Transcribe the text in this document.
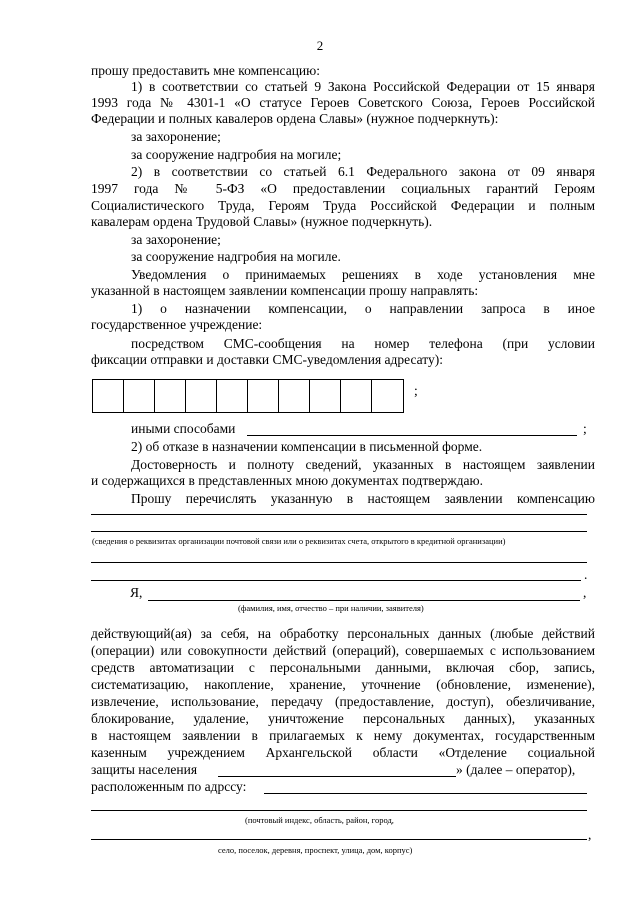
2
прошу предоставить мне компенсацию:
1) в соответствии со статьей 9 Закона Российской Федерации от 15 января
1993 года № 4301-1 «О статусе Героев Советского Союза, Героев Российской
Федерации и полных кавалеров ордена Славы» (нужное подчеркнуть):
за захоронение;
за сооружение надгробия на могиле;
2) в соответствии со статьей 6.1 Федерального закона от 09 января
1997 года № 5-ФЗ «О предоставлении социальных гарантий Героям
Социалистического Труда, Героям Труда Российской Федерации и полным
кавалерам ордена Трудовой Славы» (нужное подчеркнуть).
за захоронение;
за сооружение надгробия на могиле.
Уведомления о принимаемых решениях в ходе установления мне
указанной в настоящем заявлении компенсации прошу направлять:
1) о назначении компенсации, о направлении запроса в иное
государственное учреждение:
посредством СМС-сообщения на номер телефона (при условии
фиксации отправки и доставки СМС-уведомления адресату):
;
иными способами	;
2) об отказе в назначении компенсации в письменной форме.
Достоверность и полноту сведений, указанных в настоящем заявлении
и содержащихся в представленных мною документах подтверждаю.
Прошу перечислять указанную в настоящем заявлении компенсацию
(сведения о реквизитах организации почтовой связи или о реквизитах счета, открытого в кредитной организации)
.
Я,	,
(фамилия, имя, отчество – при наличии, заявителя)
действующий(ая) за себя, на обработку персональных данных (любые действий
(операции) или совокупности действий (операций), совершаемых с использованием
средств автоматизации с персональными данными, включая сбор, запись,
систематизацию, накопление, хранение, уточнение (обновление, изменение),
извлечение, использование, передачу (предоставление, доступ), обезличивание,
блокирование, удаление, уничтожение персональных данных), указанных
в настоящем заявлении в прилагаемых к нему документах, государственным
казенным учреждением Архангельской области «Отделение социальной
защиты населения	» (далее – оператор),
расположенным по адрссу:
(почтовый индекс, область, район, город,
,
село, поселок, деревня, проспект, улица, дом, корпус)
